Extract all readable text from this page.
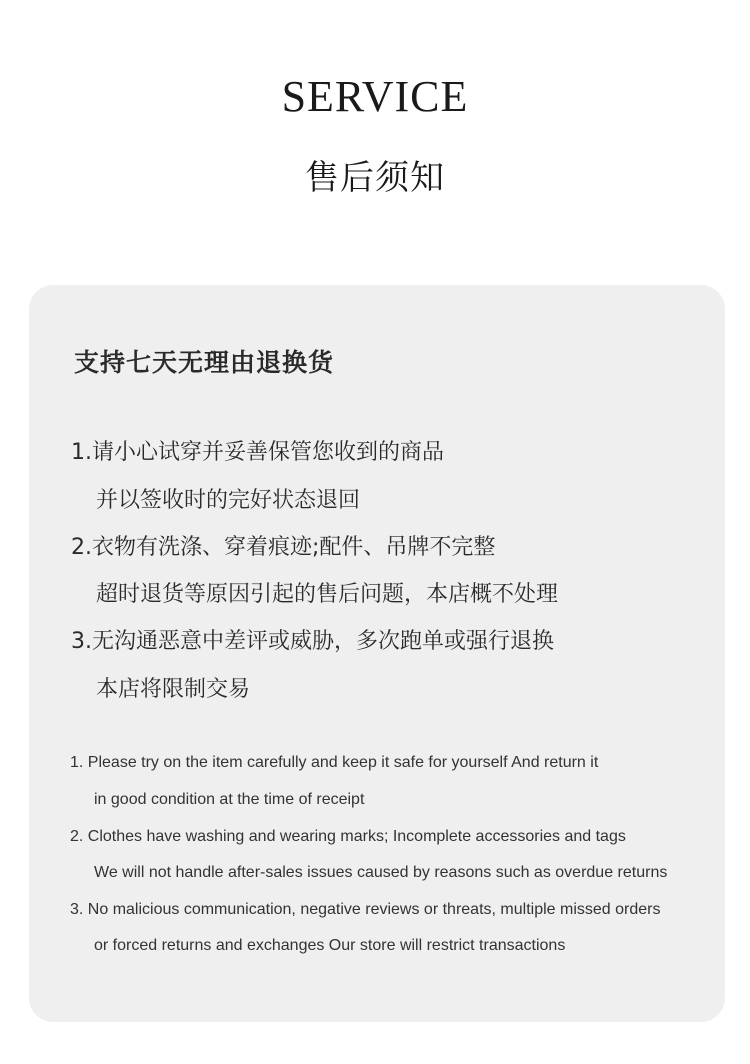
SERVICE
售后须知
支持七天无理由退换货
1.请小心试穿并妥善保管您收到的商品
并以签收时的完好状态退回
2.衣物有洗涤、穿着痕迹;配件、吊牌不完整
超时退货等原因引起的售后问题，本店概不处理
3.无沟通恶意中差评或威胁，多次跑单或强行退换
本店将限制交易
1. Please try on the item carefully and keep it safe for yourself And return it
in good condition at the time of receipt
2. Clothes have washing and wearing marks; Incomplete accessories and tags
We will not handle after-sales issues caused by reasons such as overdue returns
3. No malicious communication, negative reviews or threats, multiple missed orders
or forced returns and exchanges Our store will restrict transactions
